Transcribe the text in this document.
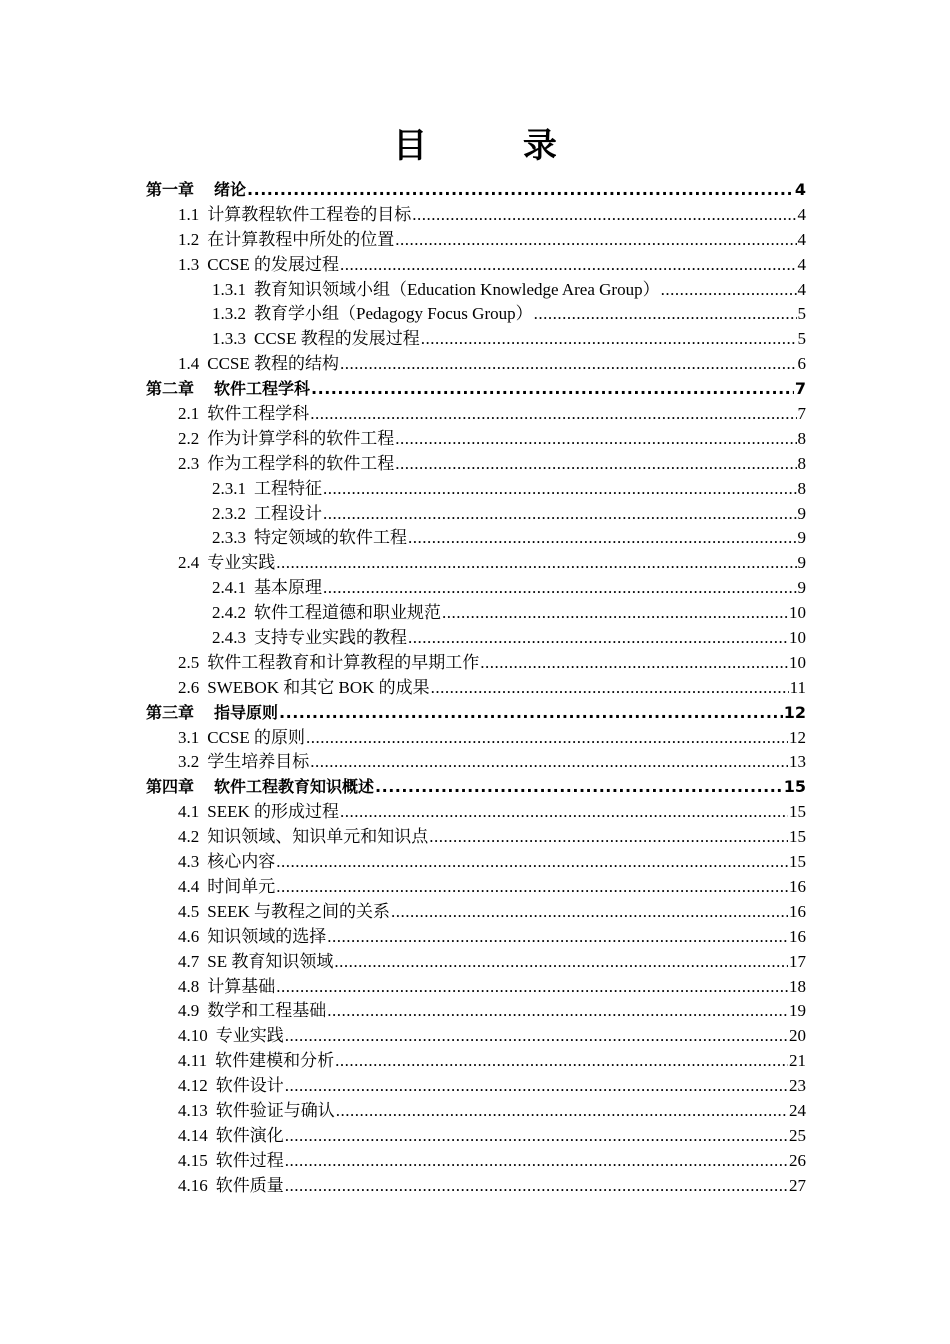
目 录
第一章 绪论 .....	4
1.1 计算教程软件工程卷的目标 .....	4
1.2 在计算教程中所处的位置 .....	4
1.3 CCSE 的发展过程 .....	4
1.3.1 教育知识领域小组（Education Knowledge Area Group） .....	4
1.3.2 教育学小组（Pedagogy Focus Group） .....	5
1.3.3 CCSE 教程的发展过程 .....	5
1.4 CCSE 教程的结构 .....	6
第二章 软件工程学科 .....	7
2.1 软件工程学科 .....	7
2.2 作为计算学科的软件工程 .....	8
2.3 作为工程学科的软件工程 .....	8
2.3.1 工程特征 .....	8
2.3.2 工程设计 .....	9
2.3.3 特定领域的软件工程 .....	9
2.4 专业实践 .....	9
2.4.1 基本原理 .....	9
2.4.2 软件工程道德和职业规范 .....	10
2.4.3 支持专业实践的教程 .....	10
2.5 软件工程教育和计算教程的早期工作 .....	10
2.6 SWEBOK 和其它 BOK 的成果 .....	11
第三章 指导原则 .....	12
3.1 CCSE 的原则 .....	12
3.2 学生培养目标 .....	13
第四章 软件工程教育知识概述 .....	15
4.1 SEEK 的形成过程 .....	15
4.2 知识领域、知识单元和知识点 .....	15
4.3 核心内容 .....	15
4.4 时间单元 .....	16
4.5 SEEK 与教程之间的关系 .....	16
4.6 知识领域的选择 .....	16
4.7 SE 教育知识领域 .....	17
4.8 计算基础 .....	18
4.9 数学和工程基础 .....	19
4.10 专业实践 .....	20
4.11 软件建模和分析 .....	21
4.12 软件设计 .....	23
4.13 软件验证与确认 .....	24
4.14 软件演化 .....	25
4.15 软件过程 .....	26
4.16 软件质量 .....	27
